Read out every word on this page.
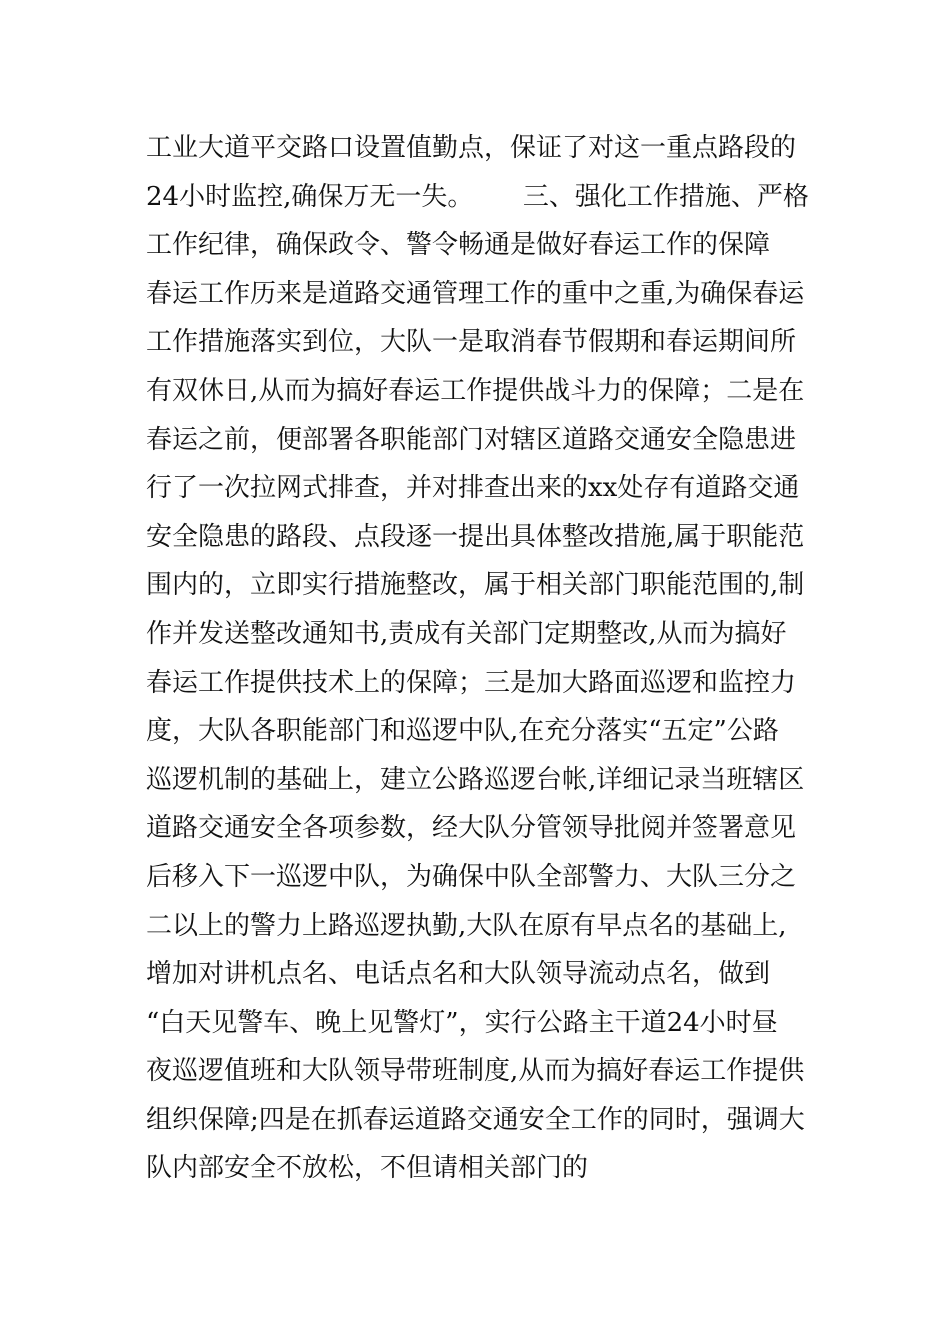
工业大道平交路口设置值勤点，保证了对这一重点路段的
24小时监控,确保万无一失。      三、强化工作措施、严格
工作纪律，确保政令、警令畅通是做好春运工作的保障
春运工作历来是道路交通管理工作的重中之重,为确保春运
工作措施落实到位，大队一是取消春节假期和春运期间所
有双休日,从而为搞好春运工作提供战斗力的保障；二是在
春运之前，便部署各职能部门对辖区道路交通安全隐患进
行了一次拉网式排查，并对排查出来的xx处存有道路交通
安全隐患的路段、点段逐一提出具体整改措施,属于职能范
围内的，立即实行措施整改，属于相关部门职能范围的,制
作并发送整改通知书,责成有关部门定期整改,从而为搞好
春运工作提供技术上的保障；三是加大路面巡逻和监控力
度，大队各职能部门和巡逻中队,在充分落实“五定”公路
巡逻机制的基础上，建立公路巡逻台帐,详细记录当班辖区
道路交通安全各项参数，经大队分管领导批阅并签署意见
后移入下一巡逻中队，为确保中队全部警力、大队三分之
二以上的警力上路巡逻执勤,大队在原有早点名的基础上,
增加对讲机点名、电话点名和大队领导流动点名，做到
“白天见警车、晚上见警灯”，实行公路主干道24小时昼
夜巡逻值班和大队领导带班制度,从而为搞好春运工作提供
组织保障;四是在抓春运道路交通安全工作的同时，强调大
队内部安全不放松，不但请相关部门的
